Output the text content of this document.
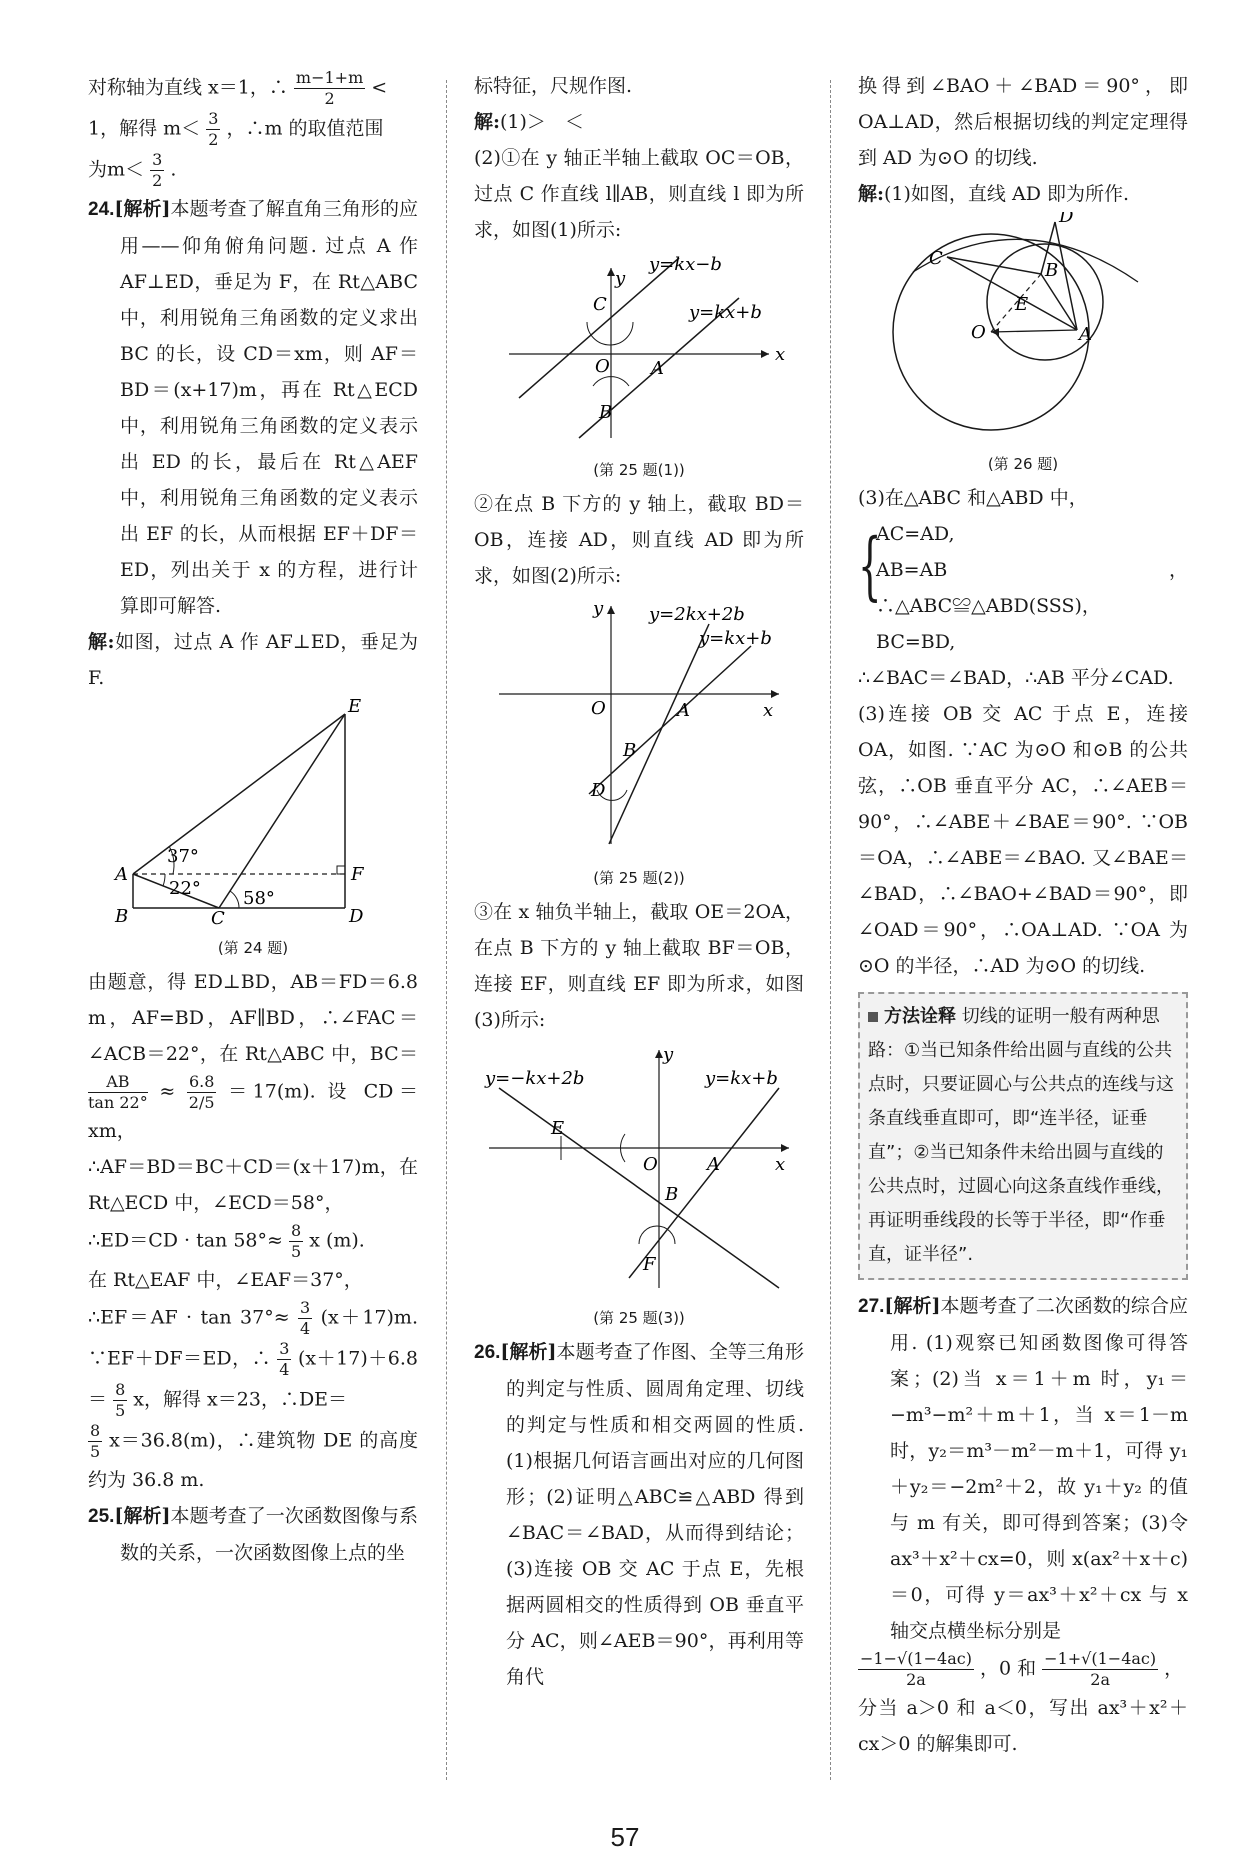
对称轴为直线 x＝1，∴ $\frac{m-1+m}{2}$ <

1，解得 $m< \frac{3}{2}$ ，∴m 的取值范围

为$m< \frac{3}{2}$ .

24.[解析]本题考查了解直角三角形的应用——仰角俯角问题. 过点 A 作 AF⊥ED，垂足为 F，在 Rt△ABC 中，利用锐角三角函数的定义求出 BC 的长，设 CD＝xm，则 AF＝BD＝(x+17)m，再在 Rt△ECD 中，利用锐角三角函数的定义表示出 ED 的长，最后在 Rt△AEF 中，利用锐角三角函数的定义表示出 EF 的长，从而根据 EF＋DF＝ED，列出关于 x 的方程，进行计算即可解答.

解:如图，过点 A 作 AF⊥ED，垂足为 F.

E
A	F
B	C	D
37°
22° 58°
(第 24 题)

由题意，得 ED⊥BD，AB＝FD＝6.8 m，AF=BD，AF∥BD，∴∠FAC＝∠ACB＝22°，在 Rt△ABC 中，BC＝
$\frac{AB}{\tan 22^\circ} \approx \frac{6.8}{2/5} =17(m)$. 设 CD＝xm，

∴AF＝BD＝BC＋CD＝(x＋17)m，在 Rt△ECD 中，∠ECD＝58°，

∴ED＝CD · $\tan 58^\circ\approx \frac{8}{5}$ x (m).

在 Rt△EAF 中，∠EAF＝37°，

∴EF＝AF · $\tan 37^\circ\approx \frac{3}{4} (x+17)m$. ∵EF＋DF＝ED，∴ $\frac{3}{4} (x+17)+6.8= \frac{8}{5}$ x，解得 x＝23，∴DE＝

$\frac{8}{5} x=36.8(m)$，∴建筑物 DE 的高度约为 36.8 m.

25.[解析]本题考查了一次函数图像与系数的关系，一次函数图像上点的坐

标特征，尺规作图.

解:(1)＞　＜

(2)①在 y 轴正半轴上截取 OC＝OB，过点 C 作直线 l∥AB，则直线 l 即为所求，如图(1)所示:

y
x
O A
B
C
y=kx−b
y=kx+b
(第 25 题(1))

②在点 B 下方的 y 轴上，截取 BD＝OB，连接 AD，则直线 AD 即为所求，如图(2)所示:

y
x
O	A
B
D
y=2kx+2b
y=kx+b
(第 25 题(2))

③在 x 轴负半轴上，截取 OE＝2OA，在点 B 下方的 y 轴上截取 BF＝OB，连接 EF，则直线 EF 即为所求，如图(3)所示:

y
x
O	A
B
E
F
y=−kx+2b	y=kx+b
(第 25 题(3))

26.[解析]本题考查了作图、全等三角形的判定与性质、圆周角定理、切线的判定与性质和相交两圆的性质. (1)根据几何语言画出对应的几何图形；(2)证明△ABC≌△ABD 得到∠BAC＝∠BAD，从而得到结论；(3)连接 OB 交 AC 于点 E，先根据两圆相交的性质得到 OB 垂直平分 AC，则∠AEB＝90°，再利用等角代

换得到∠BAO＋∠BAD＝90°，即 OA⊥AD，然后根据切线的判定定理得到 AD 为⊙O 的切线.

解:(1)如图，直线 AD 即为所作.

D
C
B
E
O	A
(第 26 题)

(3)在△ABC 和△ABD 中，

{

AC=AD,

AB=AB ，∴△ABC≌△ABD(SSS)，

BC=BD,

∴∠BAC＝∠BAD，∴AB 平分∠CAD.

(3)连接 OB 交 AC 于点 E，连接 OA，如图. ∵AC 为⊙O 和⊙B 的公共弦，∴OB 垂直平分 AC，∴∠AEB＝90°，∴∠ABE＋∠BAE＝90°. ∵OB＝OA，∴∠ABE＝∠BAO. 又∠BAE＝∠BAD，∴∠BAO+∠BAD＝90°，即∠OAD＝90°，∴OA⊥AD. ∵OA 为⊙O 的半径，∴AD 为⊙O 的切线.

方法诠释 切线的证明一般有两种思路：①当已知条件给出圆与直线的公共点时，只要证圆心与公共点的连线与这条直线垂直即可，即“连半径，证垂直”；②当已知条件未给出圆与直线的公共点时，过圆心向这条直线作垂线，再证明垂线段的长等于半径，即“作垂直，证半径”.

27.[解析]本题考查了二次函数的综合应用. (1)观察已知函数图像可得答案；(2)当 x＝1＋m 时，y₁＝−m³−m²＋m＋1，当 x＝1－m 时，y₂＝m³－m²－m＋1，可得 y₁＋y₂＝−2m²＋2，故 y₁＋y₂ 的值与 m 有关，即可得到答案；(3)令 ax³＋x²＋cx=0，则 x(ax²＋x＋c)＝0，可得 y＝ax³＋x²＋cx 与 x 轴交点横坐标分别是

$\frac{-1-√(1-4ac)}{2a}$ ，0 和 $\frac{-1+√(1-4ac)}{2a}$ ，

分当 a＞0 和 a＜0，写出 ax³＋x²＋cx＞0 的解集即可.

57
